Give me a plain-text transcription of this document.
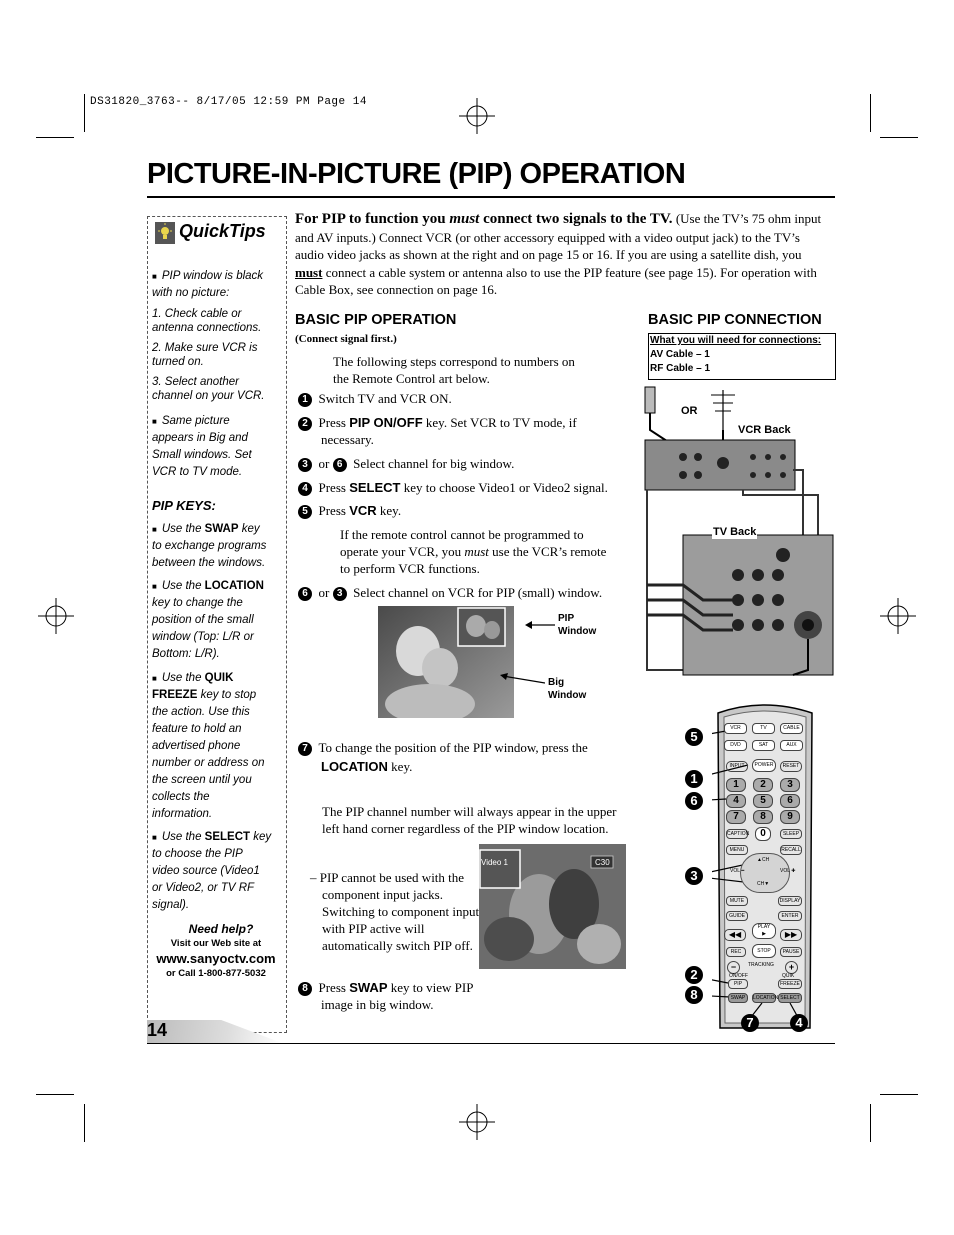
DS31820_3763-- 8/17/05 12:59 PM Page 14
PICTURE-IN-PICTURE (PIP) OPERATION
QuickTips
■ PIP window is black with no picture:
1. Check cable or antenna connections.
2. Make sure VCR is turned on.
3. Select another channel on your VCR.
■ Same picture appears in Big and Small windows. Set VCR to TV mode.
PIP KEYS:
■ Use the SWAP key to exchange programs between the windows.
■ Use the LOCATION key to change the position of the small window (Top: L/R or Bottom: L/R).
■ Use the QUIK FREEZE key to stop the action. Use this feature to hold an advertised phone number or address on the screen until you collects the information.
■ Use the SELECT key to choose the PIP video source (Video1 or Video2, or TV RF signal).
Need help?
Visit our Web site at
www.sanyoctv.com
or Call 1-800-877-5032
14
For PIP to function you must connect two signals to the TV. (Use the TV’s 75 ohm input and AV inputs.) Connect VCR (or other accessory equipped with a video output jack) to the TV’s audio video jacks as shown at the right and on page 15 or 16. If you are using a satellite dish, you must connect a cable system or antenna also to use the PIP feature (see page 15). For operation with Cable Box, see connection on page 16.
BASIC PIP OPERATION
(Connect signal first.)
The following steps correspond to numbers on the Remote Control art below.
1 Switch TV and VCR ON.
2 Press PIP ON/OFF key. Set VCR to TV mode, if necessary.
3 or 6 Select channel for big window.
4 Press SELECT key to choose Video1 or Video2 signal.
5 Press VCR key.
If the remote control cannot be programmed to operate your VCR, you must use the VCR’s remote to perform VCR functions.
6 or 3 Select channel on VCR for PIP (small) window.
PIP Window
Big Window
7 To change the position of the PIP window, press the LOCATION key.
The PIP channel number will always appear in the upper left hand corner regardless of the PIP window location.
– PIP cannot be used with the component input jacks. Switching to component input with PIP active will automatically switch PIP off.
Video 1	C30
8 Press SWAP key to view PIP image in big window.
BASIC PIP CONNECTION
What you will need for connections:
AV Cable – 1
RF Cable – 1
OR
VCR Back
TV Back
VCR	TV	CABLE
DVD	SAT	AUX
INPUT	POWER	RESET
1	2	3
4	5	6
7	8	9
CAPTION	0	SLEEP
MENU	RECALL
▲CH
CH▼
VOL ━	VOL ✚
MUTE	DISPLAY
GUIDE	ENTER
◀◀
PLAY
▶	▶▶
REC	STOP	PAUSE
TRACKING
−	+
ON/OFF	QUIK
PIP	FREEZE
SWAP	LOCATION SELECT
5
1
6
3
2
8
7	4
